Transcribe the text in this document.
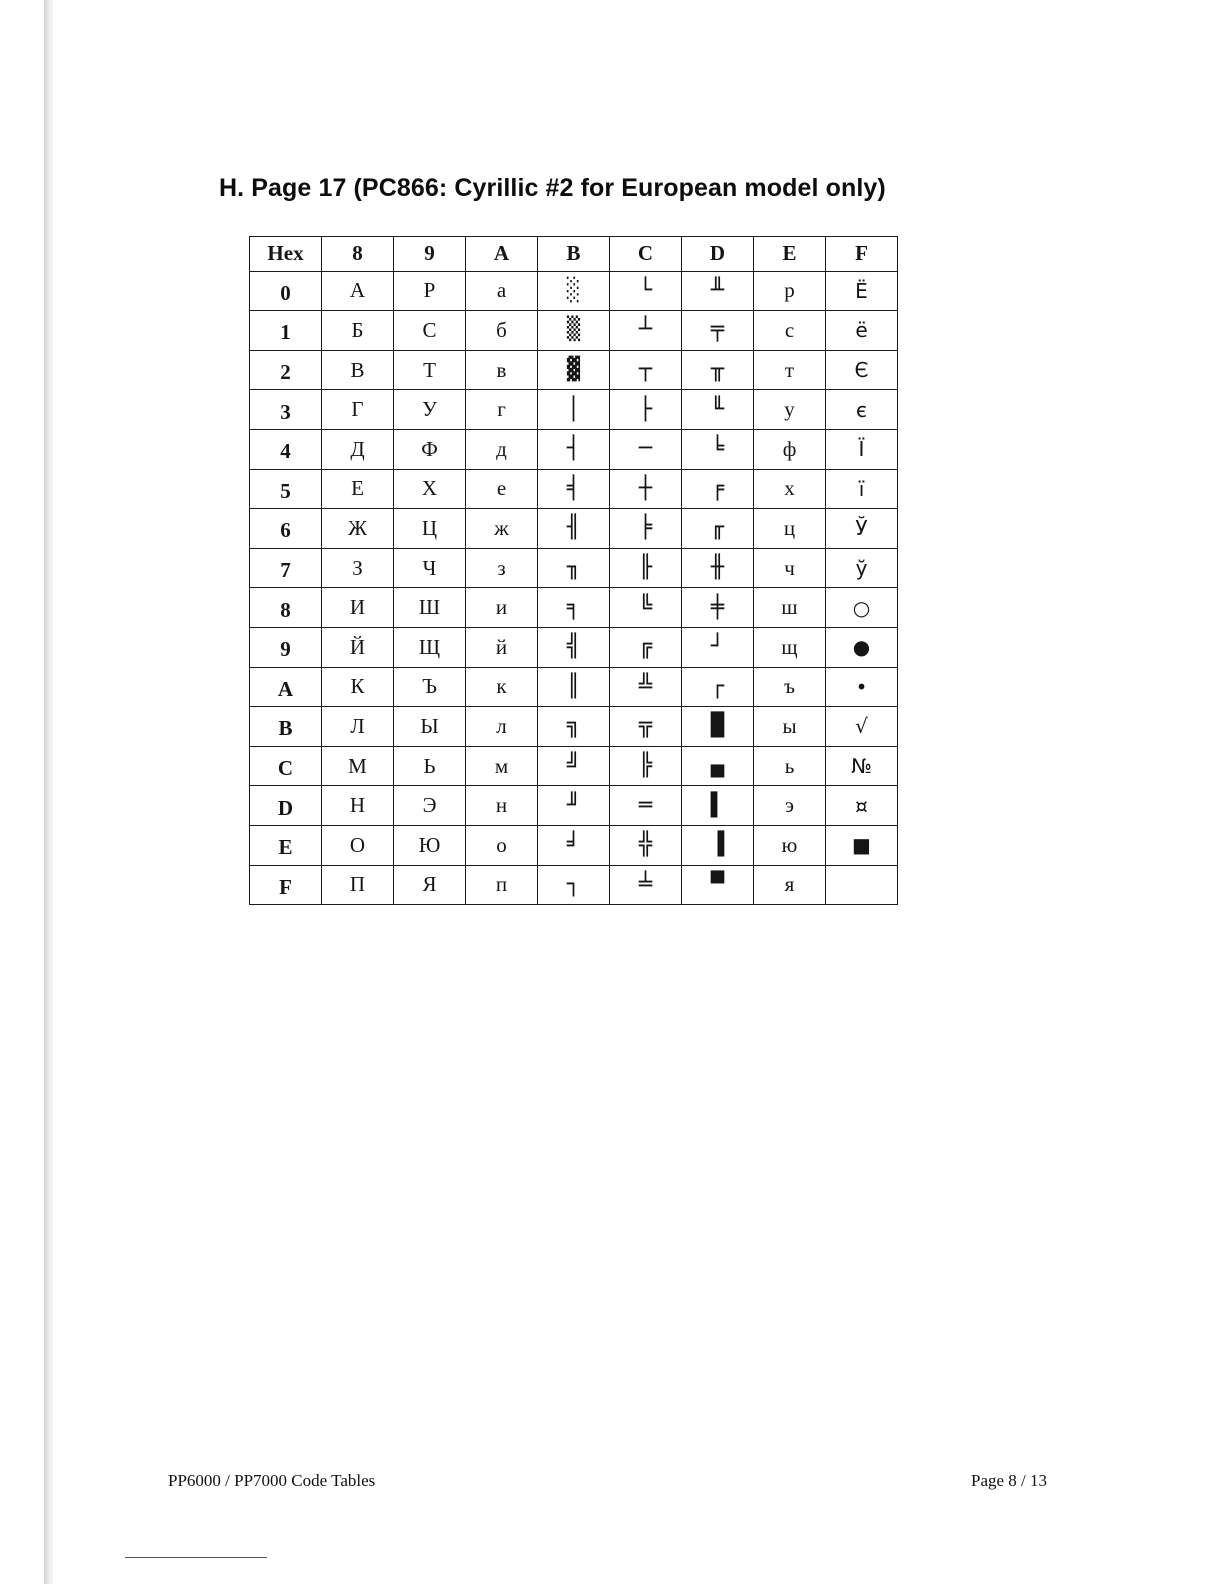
H. Page 17 (PC866: Cyrillic #2 for European model only)
Hex	8	9	A	B	C	D	E	F
0	А	Р	а	░	└	╨	р	Ё
1	Б	С	б	▒	┴	╤	с	ё
2	В	Т	в	▓	┬	╥	т	Є
3	Г	У	г	│	├	╙	у	є
4	Д	Ф	д	┤	─	╘	ф	Ї
5	Е	Х	е	╡	┼	╒	х	ї
6	Ж	Ц	ж	╢	╞	╓	ц	Ў
7	З	Ч	з	╖	╟	╫	ч	ў
8	И	Ш	и	╕	╚	╪	ш	○
9	Й	Щ	й	╣	╔	┘	щ	●
A	К	Ъ	к	║	╩	┌	ъ	•
B	Л	Ы	л	╗	╦	█	ы	√
C	М	Ь	м	╝	╠	▄	ь	№
D	Н	Э	н	╜	═	▌	э	¤
E	О	Ю	о	╛	╬	▐	ю	■
F	П	Я	п	┐	╧	▀	я	
PP6000 / PP7000 Code Tables	Page 8 / 13
